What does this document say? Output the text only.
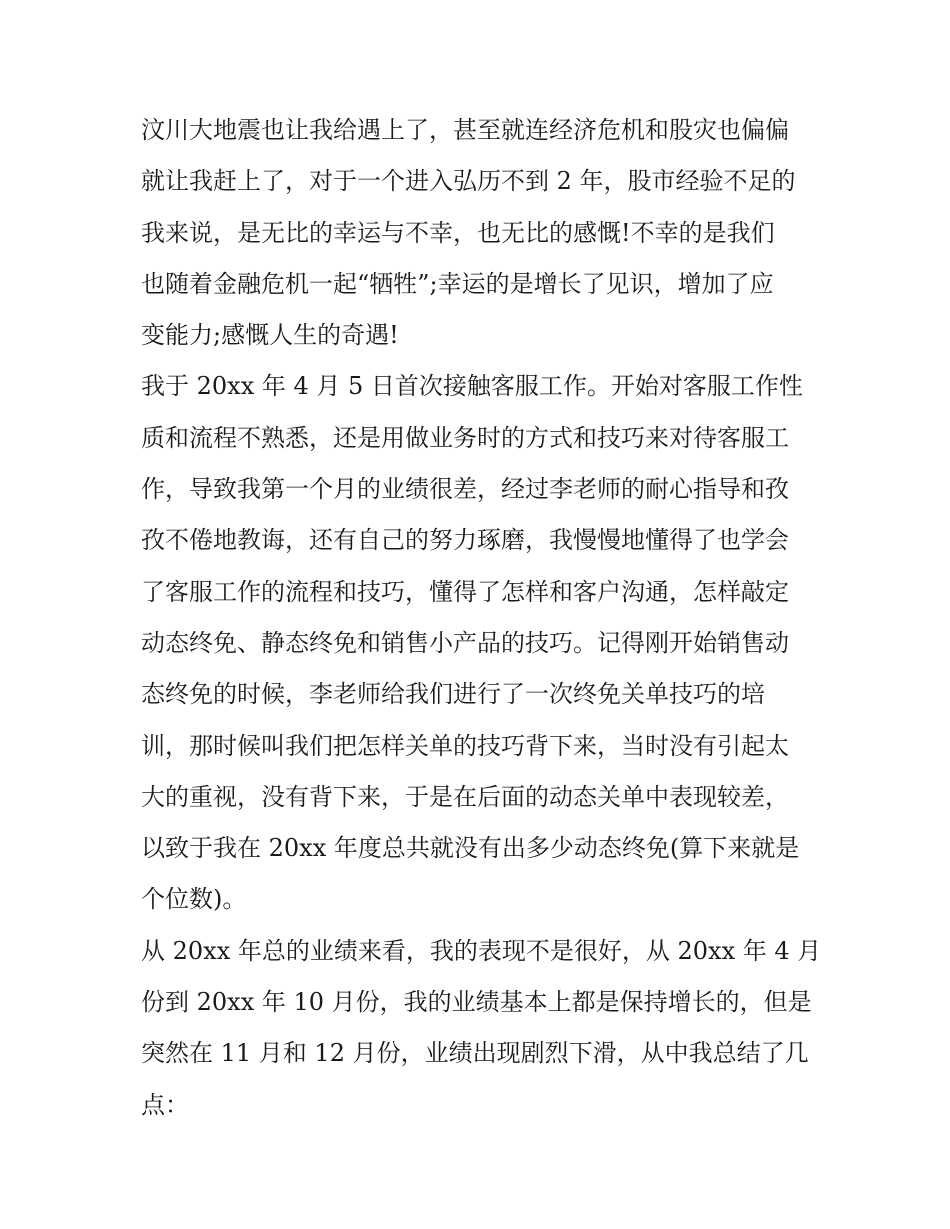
汶川大地震也让我给遇上了，甚至就连经济危机和股灾也偏偏
就让我赶上了，对于一个进入弘历不到 2 年，股市经验不足的
我来说，是无比的幸运与不幸，也无比的感慨!不幸的是我们
也随着金融危机一起“牺牲”;幸运的是增长了见识，增加了应
变能力;感慨人生的奇遇!
我于 20xx 年 4 月 5 日首次接触客服工作。开始对客服工作性
质和流程不熟悉，还是用做业务时的方式和技巧来对待客服工
作，导致我第一个月的业绩很差，经过李老师的耐心指导和孜
孜不倦地教诲，还有自己的努力琢磨，我慢慢地懂得了也学会
了客服工作的流程和技巧，懂得了怎样和客户沟通，怎样敲定
动态终免、静态终免和销售小产品的技巧。记得刚开始销售动
态终免的时候，李老师给我们进行了一次终免关单技巧的培
训，那时候叫我们把怎样关单的技巧背下来，当时没有引起太
大的重视，没有背下来，于是在后面的动态关单中表现较差，
以致于我在 20xx 年度总共就没有出多少动态终免(算下来就是
个位数)。
从 20xx 年总的业绩来看，我的表现不是很好，从 20xx 年 4 月
份到 20xx 年 10 月份，我的业绩基本上都是保持增长的，但是
突然在 11 月和 12 月份，业绩出现剧烈下滑，从中我总结了几
点：
